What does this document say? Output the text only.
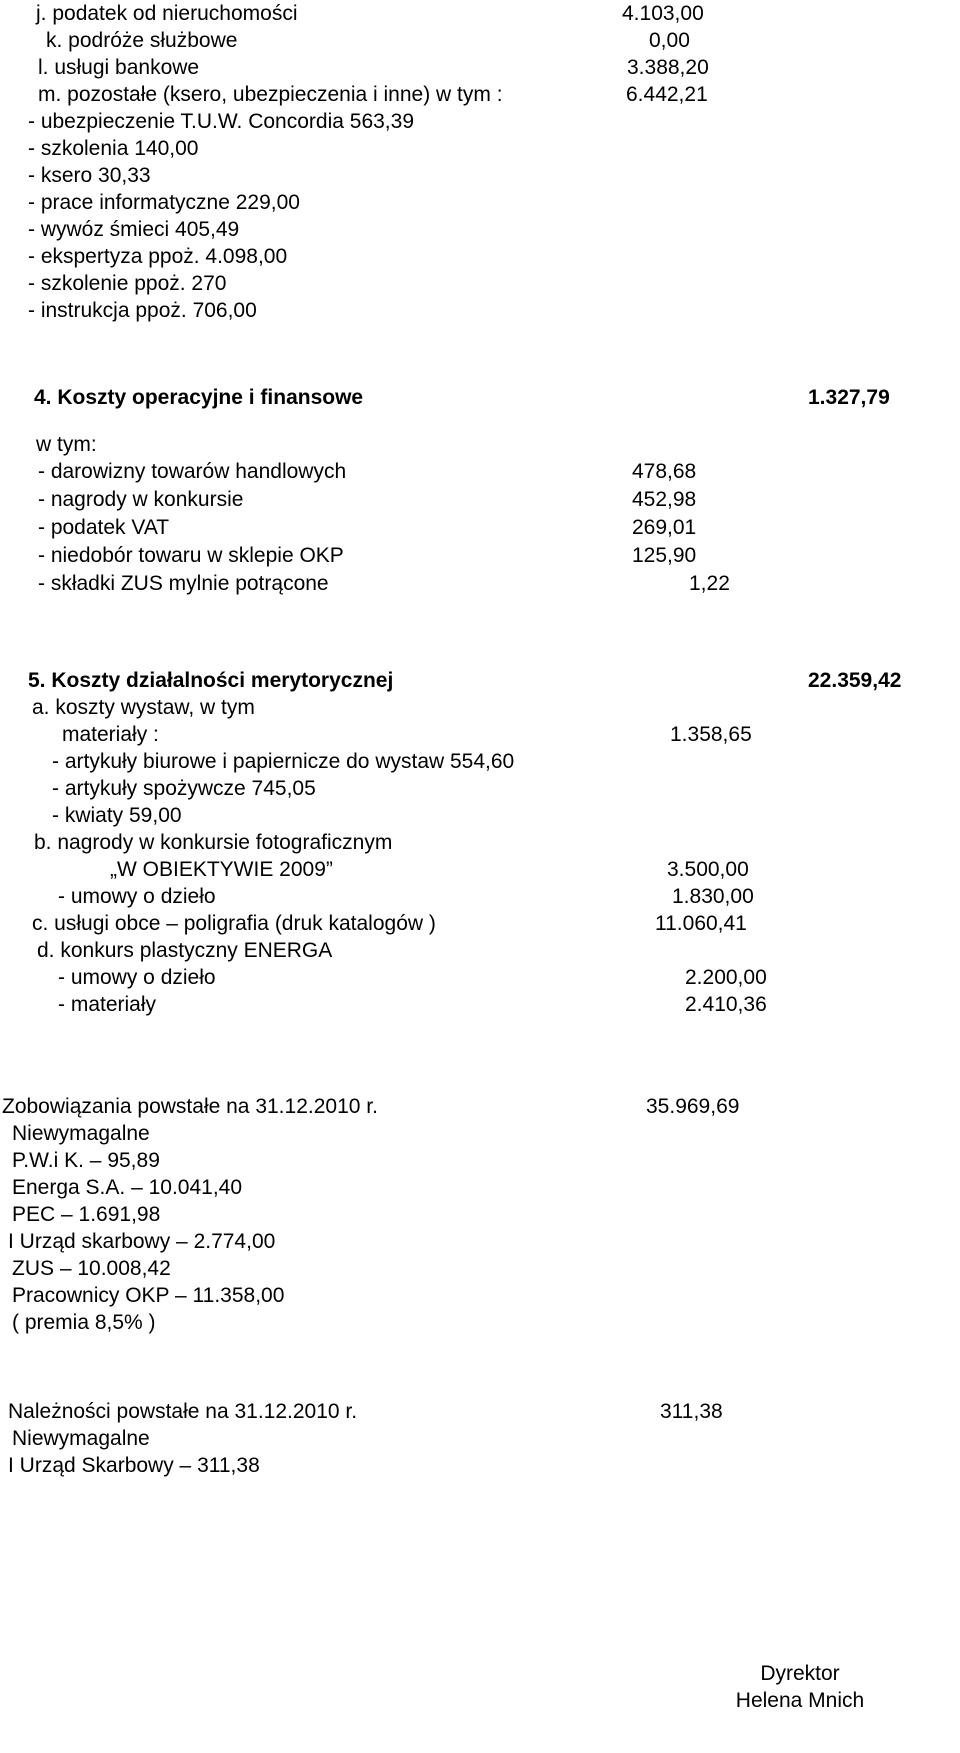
j. podatek od nieruchomości	4.103,00
k. podróże służbowe	0,00
l. usługi bankowe	3.388,20
m. pozostałe (ksero, ubezpieczenia i inne) w tym :	6.442,21
- ubezpieczenie T.U.W. Concordia 563,39
- szkolenia 140,00
- ksero 30,33
- prace informatyczne 229,00
- wywóz śmieci 405,49
- ekspertyza ppoż. 4.098,00
- szkolenie ppoż. 270
- instrukcja ppoż. 706,00
4. Koszty operacyjne i finansowe	1.327,79
w tym:
- darowizny towarów handlowych	478,68
- nagrody w konkursie	452,98
- podatek VAT	269,01
- niedobór towaru w sklepie OKP	125,90
- składki ZUS mylnie potrącone	1,22
5. Koszty działalności merytorycznej	22.359,42
a. koszty wystaw, w tym
materiały :	1.358,65
- artykuły biurowe i papiernicze do wystaw 554,60
- artykuły spożywcze 745,05
- kwiaty 59,00
b. nagrody w konkursie fotograficznym
„W OBIEKTYWIE 2009”	3.500,00
- umowy o dzieło	1.830,00
c. usługi obce – poligrafia (druk katalogów )	11.060,41
d. konkurs plastyczny ENERGA
- umowy o dzieło	2.200,00
- materiały	2.410,36
Zobowiązania powstałe na 31.12.2010 r.	35.969,69
Niewymagalne
P.W.i K. – 95,89
Energa S.A. – 10.041,40
PEC – 1.691,98
I Urząd skarbowy – 2.774,00
ZUS – 10.008,42
Pracownicy OKP – 11.358,00
( premia 8,5% )
Należności powstałe na 31.12.2010 r.	311,38
Niewymagalne
I Urząd Skarbowy – 311,38
Dyrektor
Helena Mnich
